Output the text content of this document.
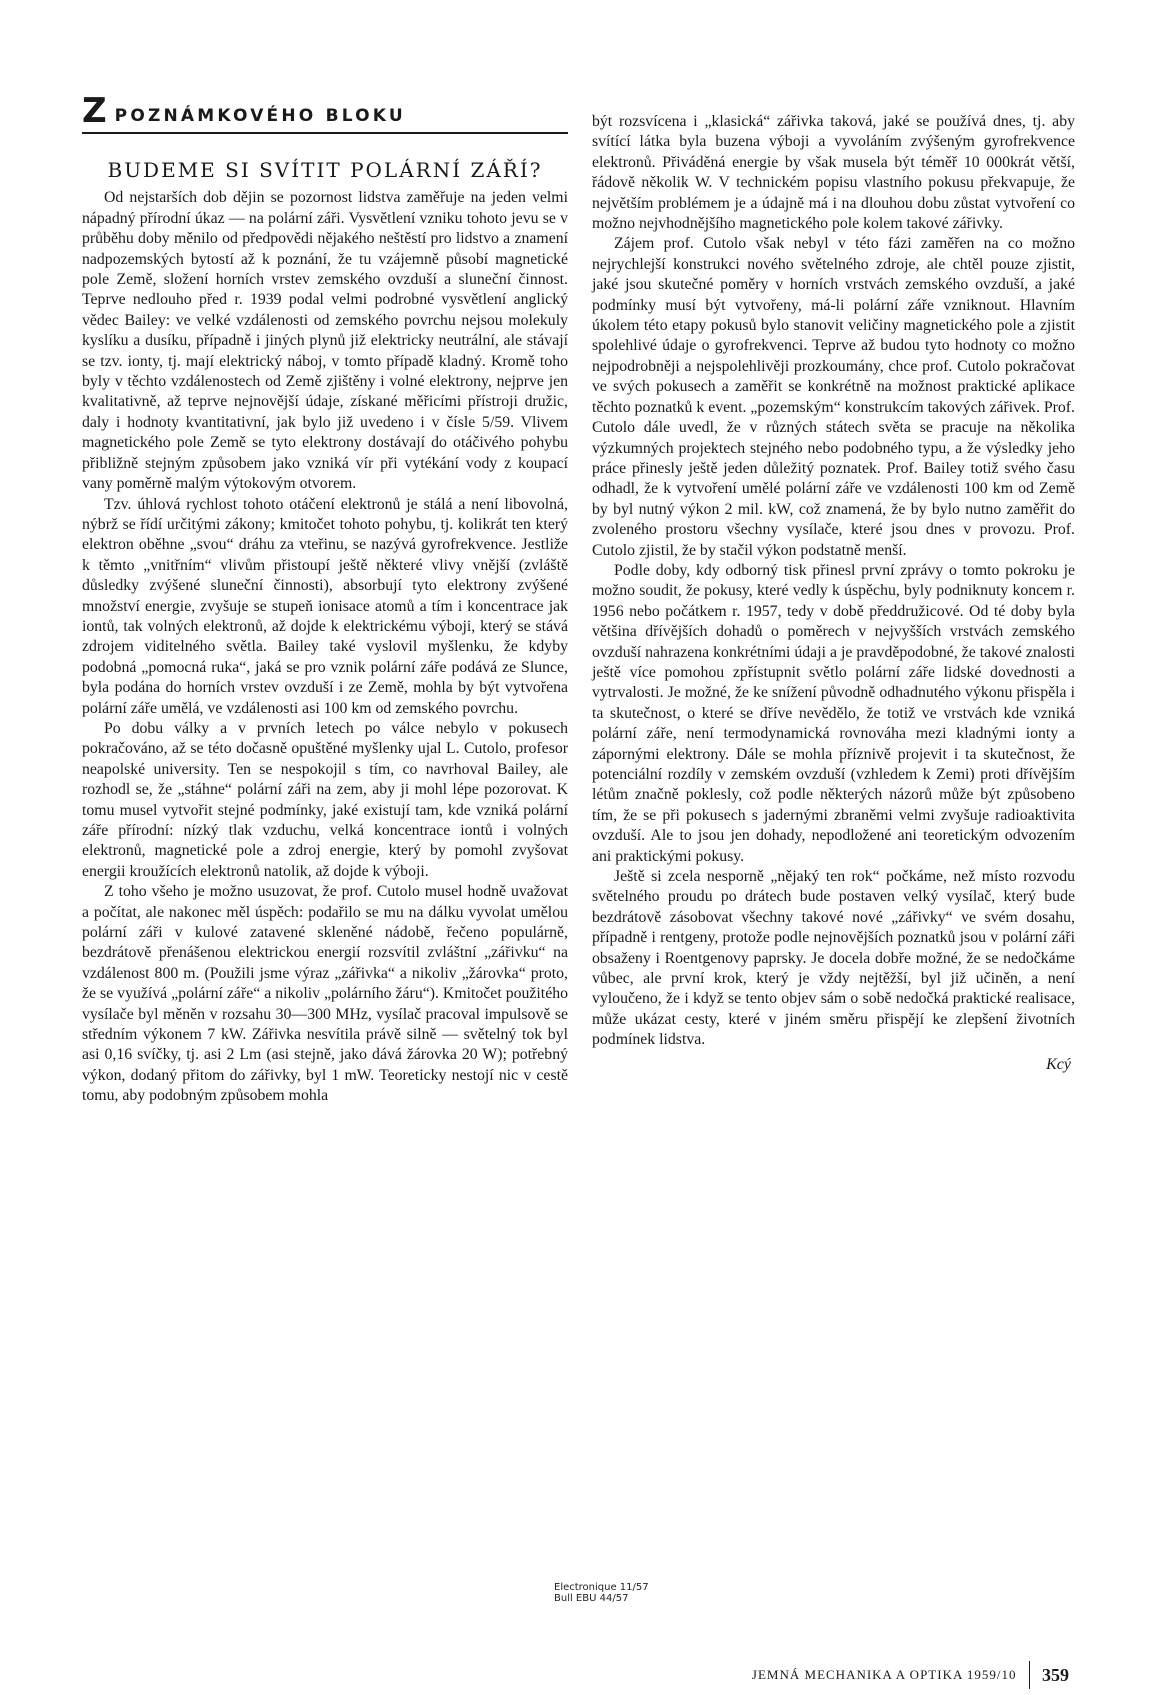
Z POZNÁMKOVÉHO BLOKU
BUDEME SI SVÍTIT POLÁRNÍ ZÁŘÍ?

Od nejstarších dob dějin se pozornost lidstva zaměřuje na jeden velmi nápadný přírodní úkaz — na polární záři. Vysvětlení vzniku tohoto jevu se v průběhu doby měnilo od předpovědi nějakého neštěstí pro lidstvo a znamení nadpozemských bytostí až k poznání, že tu vzájemně působí magnetické pole Země, složení horních vrstev zemského ovzduší a sluneční činnost. Teprve nedlouho před r. 1939 podal velmi podrobné vysvětlení anglický vědec Bailey: ve velké vzdálenosti od zemského povrchu nejsou molekuly kyslíku a dusíku, případně i jiných plynů již elektricky neutrální, ale stávají se tzv. ionty, tj. mají elektrický náboj, v tomto případě kladný. Kromě toho byly v těchto vzdálenostech od Země zjištěny i volné elektrony, nejprve jen kvalitativně, až teprve nejnovější údaje, získané měřicími přístroji družic, daly i hodnoty kvantitativní, jak bylo již uvedeno i v čísle 5/59. Vlivem magnetického pole Země se tyto elektrony dostávají do otáčivého pohybu přibližně stejným způsobem jako vzniká vír při vytékání vody z koupací vany poměrně malým výtokovým otvorem.

Tzv. úhlová rychlost tohoto otáčení elektronů je stálá a není libovolná, nýbrž se řídí určitými zákony; kmitočet tohoto pohybu, tj. kolikrát ten který elektron oběhne „svou“ dráhu za vteřinu, se nazývá gyrofrekvence. Jestliže k těmto „vnitřním“ vlivům přistoupí ještě některé vlivy vnější (zvláště důsledky zvýšené sluneční činnosti), absorbují tyto elektrony zvýšené množství energie, zvyšuje se stupeň ionisace atomů a tím i koncentrace jak iontů, tak volných elektronů, až dojde k elektrickému výboji, který se stává zdrojem viditelného světla. Bailey také vyslovil myšlenku, že kdyby podobná „pomocná ruka“, jaká se pro vznik polární záře podává ze Slunce, byla podána do horních vrstev ovzduší i ze Země, mohla by být vytvořena polární záře umělá, ve vzdálenosti asi 100 km od zemského povrchu.

Po dobu války a v prvních letech po válce nebylo v pokusech pokračováno, až se této dočasně opuštěné myšlenky ujal L. Cutolo, profesor neapolské university. Ten se nespokojil s tím, co navrhoval Bailey, ale rozhodl se, že „stáhne“ polární záři na zem, aby ji mohl lépe pozorovat. K tomu musel vytvořit stejné podmínky, jaké existují tam, kde vzniká polární záře přírodní: nízký tlak vzduchu, velká koncentrace iontů i volných elektronů, magnetické pole a zdroj energie, který by pomohl zvyšovat energii kroužících elektronů natolik, až dojde k výboji.

Z toho všeho je možno usuzovat, že prof. Cutolo musel hodně uvažovat a počítat, ale nakonec měl úspěch: podařilo se mu na dálku vyvolat umělou polární záři v kulové zatavené skleněné nádobě, řečeno populárně, bezdrátově přenášenou elektrickou energií rozsvítil zvláštní „zářivku“ na vzdálenost 800 m. (Použili jsme výraz „zářivka“ a nikoliv „žárovka“ proto, že se využívá „polární záře“ a nikoliv „polárního žáru“). Kmitočet použitého vysílače byl měněn v rozsahu 30—300 MHz, vysílač pracoval impulsově se středním výkonem 7 kW. Zářivka nesvítila právě silně — světelný tok byl asi 0,16 svíčky, tj. asi 2 Lm (asi stejně, jako dává žárovka 20 W); potřebný výkon, dodaný přitom do zářivky, byl 1 mW. Teoreticky nestojí nic v cestě tomu, aby podobným způsobem mohla

být rozsvícena i „klasická“ zářivka taková, jaké se používá dnes, tj. aby svítící látka byla buzena výboji a vyvoláním zvýšeným gyrofrekvence elektronů. Přiváděná energie by však musela být téměř 10 000krát větší, řádově několik W. V technickém popisu vlastního pokusu překvapuje, že největším problémem je a údajně má i na dlouhou dobu zůstat vytvoření co možno nejvhodnějšího magnetického pole kolem takové zářivky.

Zájem prof. Cutolo však nebyl v této fázi zaměřen na co možno nejrychlejší konstrukci nového světelného zdroje, ale chtěl pouze zjistit, jaké jsou skutečné poměry v horních vrstvách zemského ovzduší, a jaké podmínky musí být vytvořeny, má-li polární záře vzniknout. Hlavním úkolem této etapy pokusů bylo stanovit veličiny magnetického pole a zjistit spolehlivé údaje o gyrofrekvenci. Teprve až budou tyto hodnoty co možno nejpodrobněji a nejspolehlivěji prozkoumány, chce prof. Cutolo pokračovat ve svých pokusech a zaměřit se konkrétně na možnost praktické aplikace těchto poznatků k event. „pozemským“ konstrukcím takových zářivek. Prof. Cutolo dále uvedl, že v různých státech světa se pracuje na několika výzkumných projektech stejného nebo podobného typu, a že výsledky jeho práce přinesly ještě jeden důležitý poznatek. Prof. Bailey totiž svého času odhadl, že k vytvoření umělé polární záře ve vzdálenosti 100 km od Země by byl nutný výkon 2 mil. kW, což znamená, že by bylo nutno zaměřit do zvoleného prostoru všechny vysílače, které jsou dnes v provozu. Prof. Cutolo zjistil, že by stačil výkon podstatně menší.

Podle doby, kdy odborný tisk přinesl první zprávy o tomto pokroku je možno soudit, že pokusy, které vedly k úspěchu, byly podniknuty koncem r. 1956 nebo počátkem r. 1957, tedy v době předdružicové. Od té doby byla většina dřívějších dohadů o poměrech v nejvyšších vrstvách zemského ovzduší nahrazena konkrétními údaji a je pravděpodobné, že takové znalosti ještě více pomohou zpřístupnit světlo polární záře lidské dovednosti a vytrvalosti. Je možné, že ke snížení původně odhadnutého výkonu přispěla i ta skutečnost, o které se dříve nevědělo, že totiž ve vrstvách kde vzniká polární záře, není termodynamická rovnováha mezi kladnými ionty a zápornými elektrony. Dále se mohla příznivě projevit i ta skutečnost, že potenciální rozdíly v zemském ovzduší (vzhledem k Zemi) proti dřívějším létům značně poklesly, což podle některých názorů může být způsobeno tím, že se při pokusech s jadernými zbraněmi velmi zvyšuje radioaktivita ovzduší. Ale to jsou jen dohady, nepodložené ani teoretickým odvozením ani praktickými pokusy.

Ještě si zcela nesporně „nějaký ten rok“ počkáme, než místo rozvodu světelného proudu po drátech bude postaven velký vysílač, který bude bezdrátově zásobovat všechny takové nové „zářivky“ ve svém dosahu, případně i rentgeny, protože podle nejnovějších poznatků jsou v polární záři obsaženy i Roentgenovy paprsky. Je docela dobře možné, že se nedočkáme vůbec, ale první krok, který je vždy nejtěžší, byl již učiněn, a není vyloučeno, že i když se tento objev sám o sobě nedočká praktické realisace, může ukázat cesty, které v jiném směru přispějí ke zlepšení životních podmínek lidstva.

Kcý
Electronique 11/57
Bull EBU 44/57
JEMNÁ MECHANIKA A OPTIKA 1959/10 359
